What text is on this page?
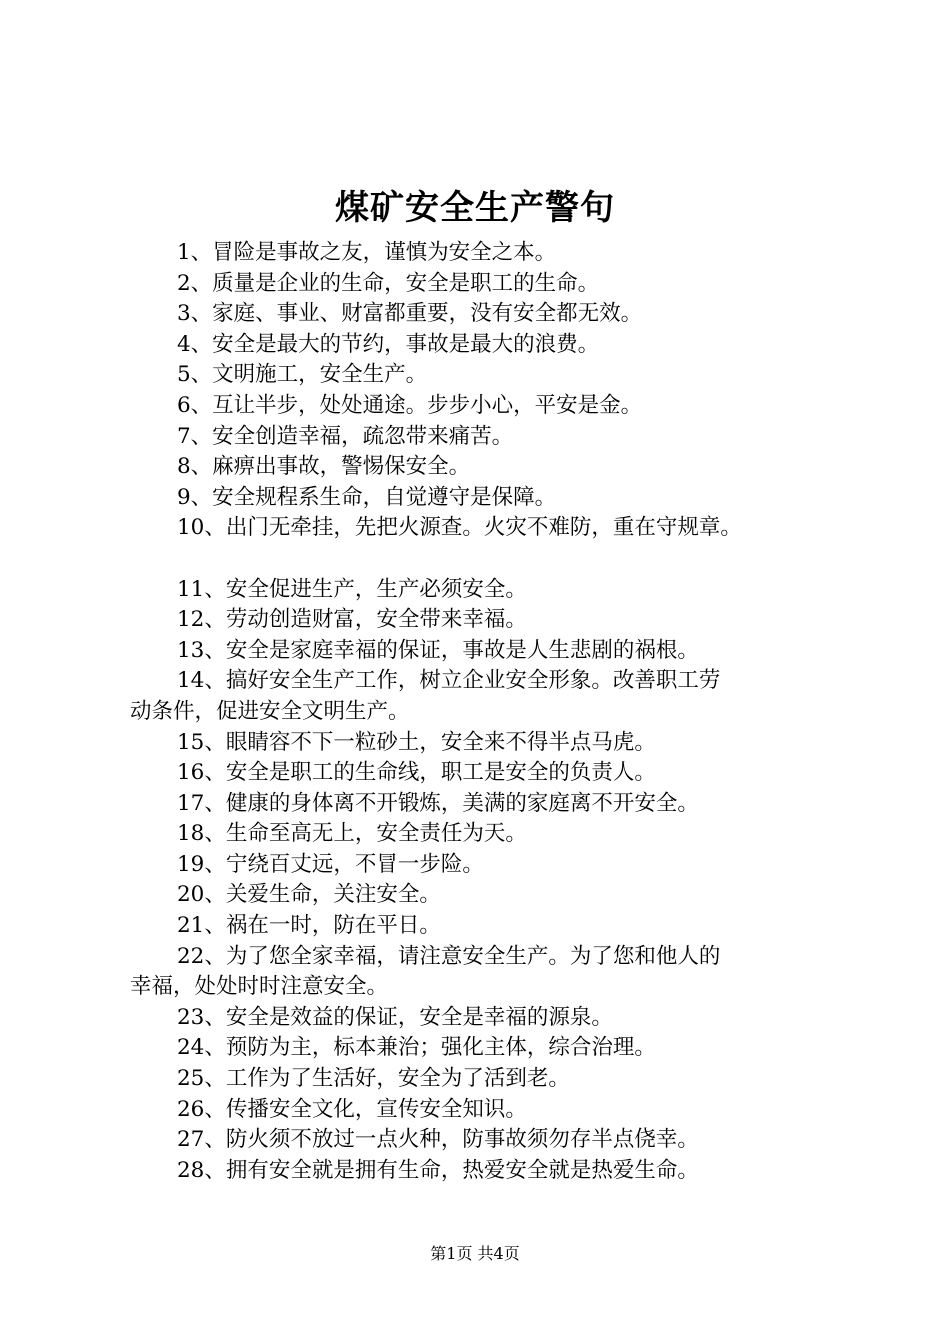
煤矿安全生产警句
1、冒险是事故之友，谨慎为安全之本。
2、质量是企业的生命，安全是职工的生命。
3、家庭、事业、财富都重要，没有安全都无效。
4、安全是最大的节约，事故是最大的浪费。
5、文明施工，安全生产。
6、互让半步，处处通途。步步小心，平安是金。
7、安全创造幸福，疏忽带来痛苦。
8、麻痹出事故，警惕保安全。
9、安全规程系生命，自觉遵守是保障。
10、出门无牵挂，先把火源查。火灾不难防，重在守规章。
11、安全促进生产，生产必须安全。
12、劳动创造财富，安全带来幸福。
13、安全是家庭幸福的保证，事故是人生悲剧的祸根。
14、搞好安全生产工作，树立企业安全形象。改善职工劳
动条件，促进安全文明生产。
15、眼睛容不下一粒砂土，安全来不得半点马虎。
16、安全是职工的生命线，职工是安全的负责人。
17、健康的身体离不开锻炼，美满的家庭离不开安全。
18、生命至高无上，安全责任为天。
19、宁绕百丈远，不冒一步险。
20、关爱生命，关注安全。
21、祸在一时，防在平日。
22、为了您全家幸福，请注意安全生产。为了您和他人的
幸福，处处时时注意安全。
23、安全是效益的保证，安全是幸福的源泉。
24、预防为主，标本兼治；强化主体，综合治理。
25、工作为了生活好，安全为了活到老。
26、传播安全文化，宣传安全知识。
27、防火须不放过一点火种，防事故须勿存半点侥幸。
28、拥有安全就是拥有生命，热爱安全就是热爱生命。
第1页 共4页
